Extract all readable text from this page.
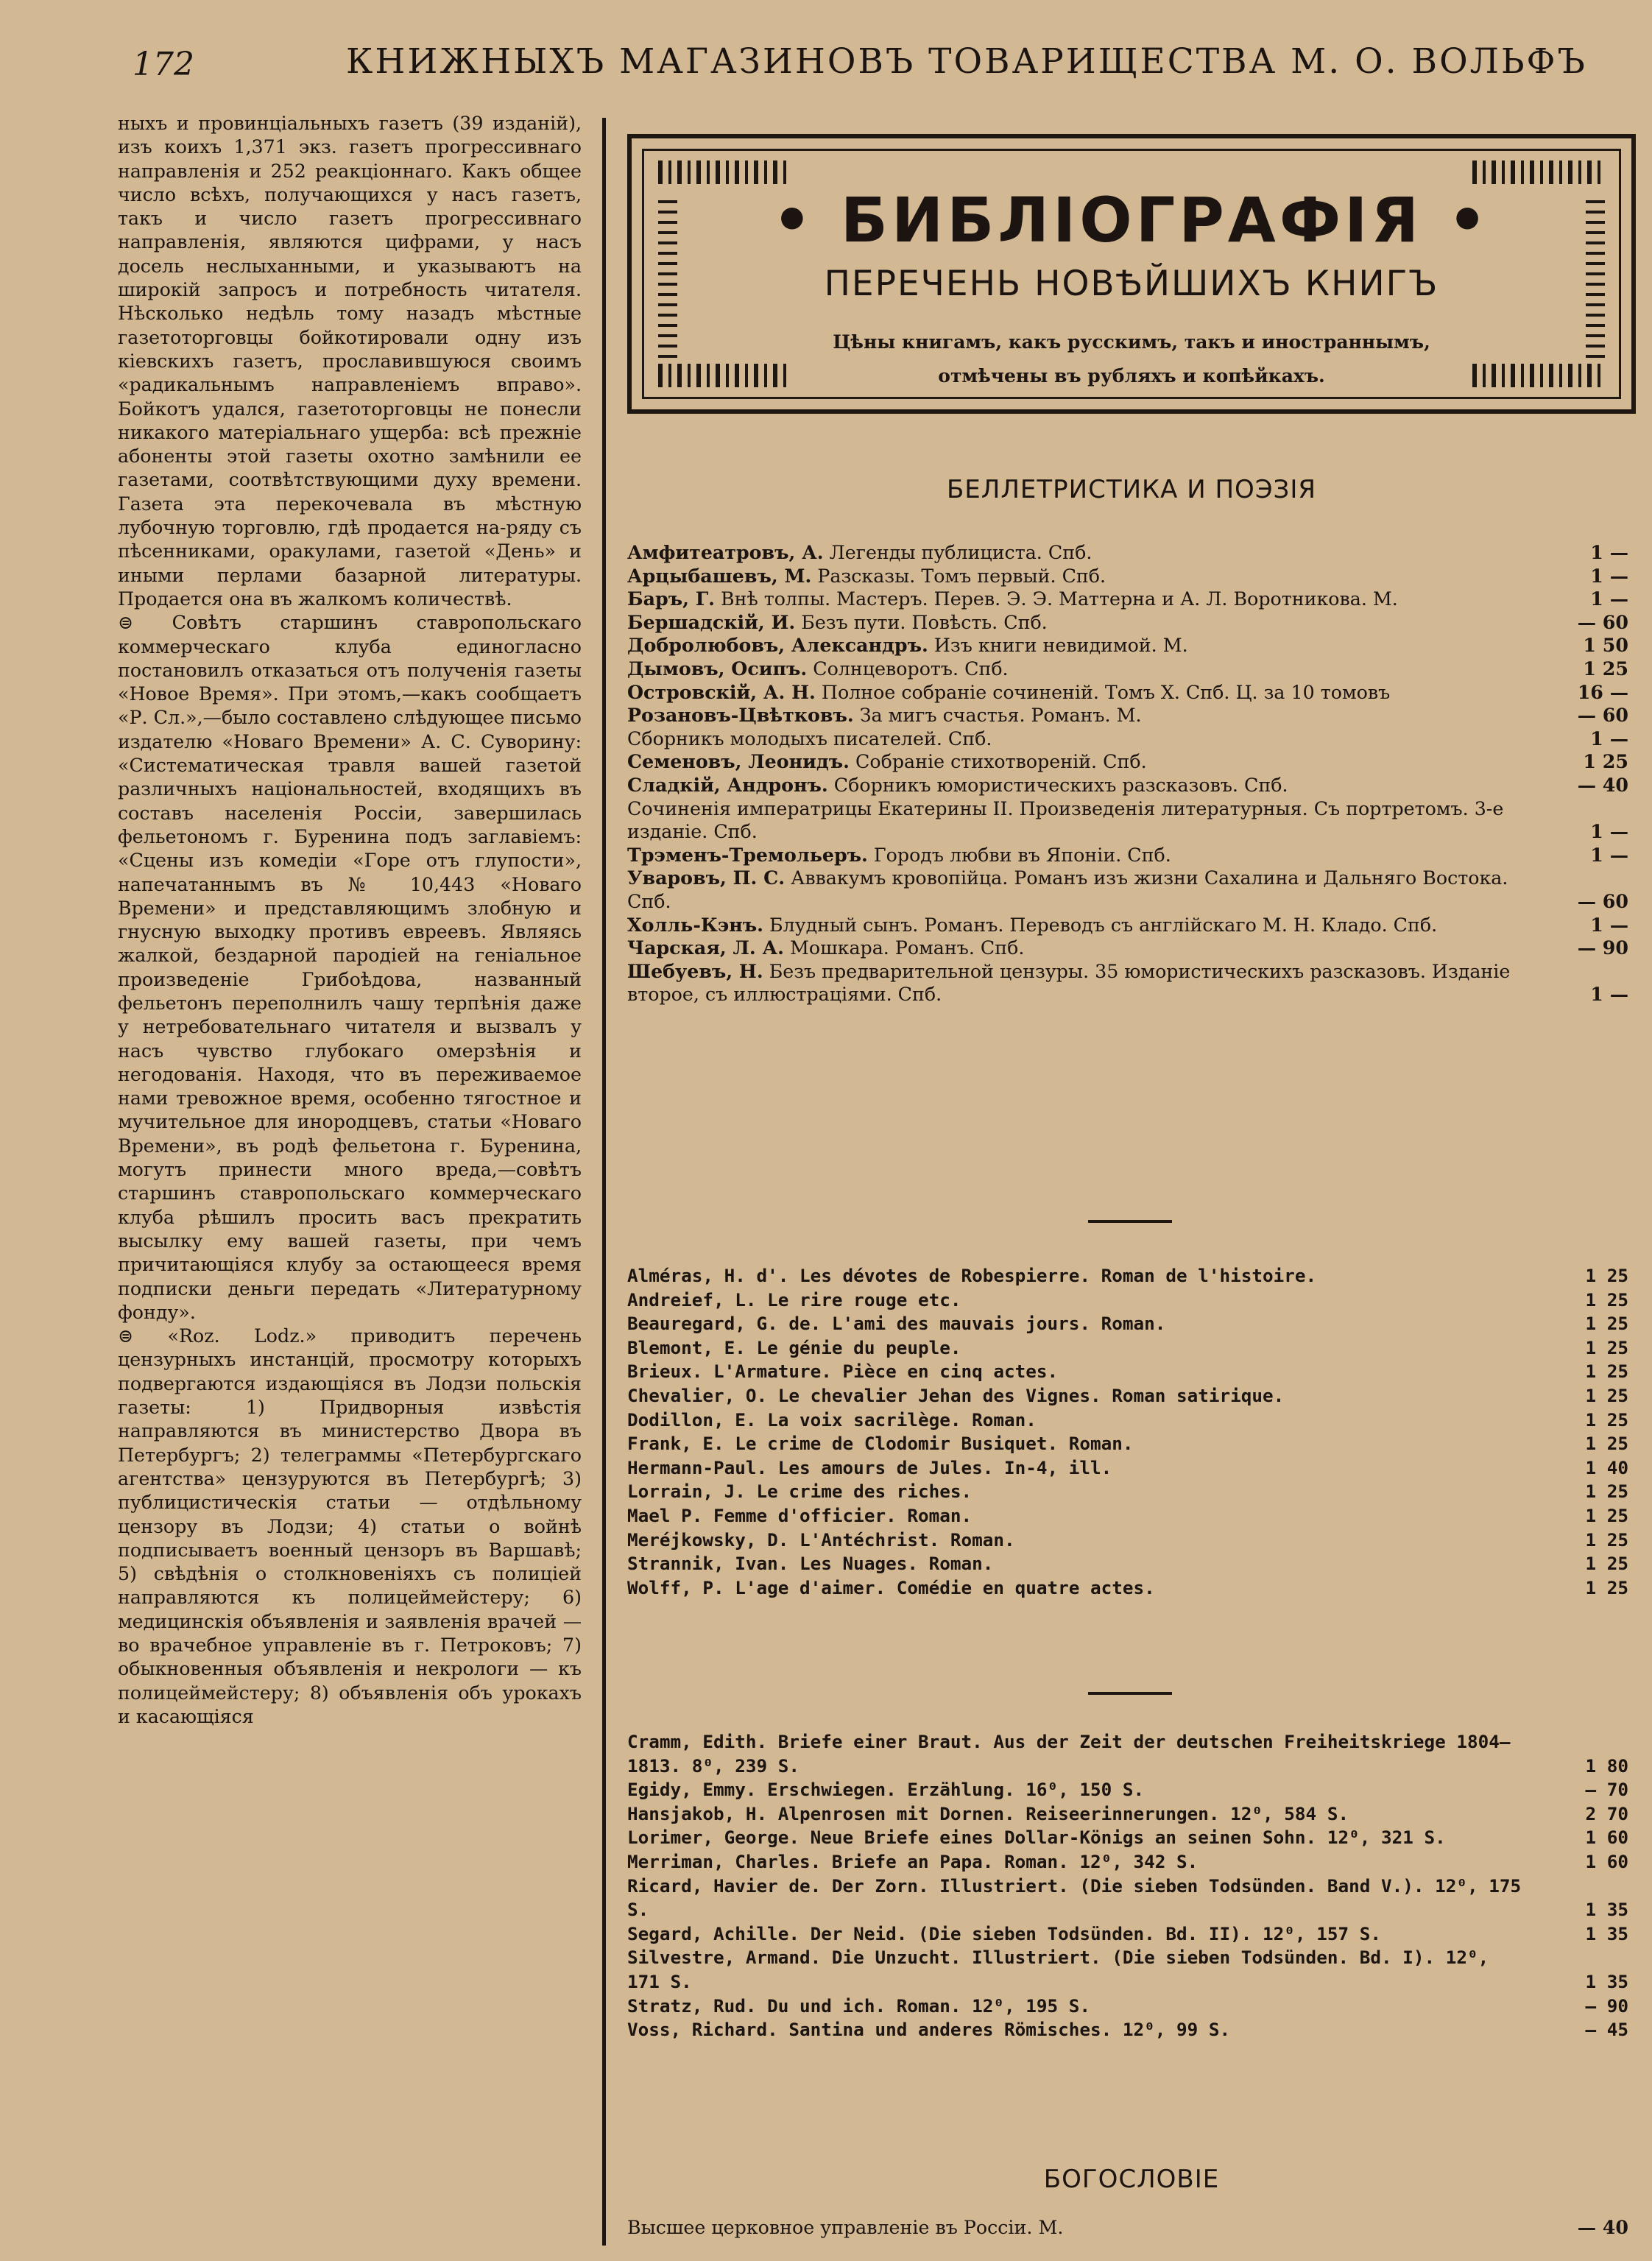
172	КНИЖНЫХЪ МАГАЗИНОВЪ ТОВАРИЩЕСТВА М. О. ВОЛЬФЪ

ныхъ и провинціальныхъ газетъ (39 изданій), изъ коихъ 1,371 экз. газетъ прогрессивнаго направленія и 252 реакціоннаго. Какъ общее число всѣхъ, получающихся у насъ газетъ, такъ и число газетъ прогрессивнаго направленія, являются цифрами, у насъ досель неслыханными, и указываютъ на широкій запросъ и потребность читателя. Нѣсколько недѣль тому назадъ мѣстные газетоторговцы бойкотировали одну изъ кіевскихъ газетъ, прославившуюся своимъ «радикальнымъ направленіемъ вправо». Бойкотъ удался, газетоторговцы не понесли никакого матеріальнаго ущерба: всѣ прежніе абоненты этой газеты охотно замѣнили ее газетами, соотвѣтствующими духу времени. Газета эта перекочевала въ мѣстную лубочную торговлю, гдѣ продается на-ряду съ пѣсенниками, оракулами, газетой «День» и иными перлами базарной литературы. Продается она въ жалкомъ количествѣ.

⊜ Совѣтъ старшинъ ставропольскаго коммерческаго клуба единогласно постановилъ отказаться отъ полученія газеты «Новое Время». При этомъ,—какъ сообщаетъ «Р. Сл.»,—было составлено слѣдующее письмо издателю «Новаго Времени» А. С. Суворину: «Систематическая травля вашей газетой различныхъ національностей, входящихъ въ составъ населенія Россіи, завершилась фельетономъ г. Буренина подъ заглавіемъ: «Сцены изъ комедіи «Горе отъ глупости», напечатаннымъ въ № 10,443 «Новаго Времени» и представляющимъ злобную и гнусную выходку противъ евреевъ. Являясь жалкой, бездарной пародіей на геніальное произведеніе Грибоѣдова, названный фельетонъ переполнилъ чашу терпѣнія даже у нетребовательнаго читателя и вызвалъ у насъ чувство глубокаго омерзѣнія и негодованія. Находя, что въ переживаемое нами тревожное время, особенно тягостное и мучительное для инородцевъ, статьи «Новаго Времени», въ родѣ фельетона г. Буренина, могутъ принести много вреда,—совѣтъ старшинъ ставропольскаго коммерческаго клуба рѣшилъ просить васъ прекратить высылку ему вашей газеты, при чемъ причитающіяся клубу за остающееся время подписки деньги передать «Литературному фонду».

⊜ «Roz. Lodz.» приводитъ перечень цензурныхъ инстанцій, просмотру которыхъ подвергаются издающіяся въ Лодзи польскія газеты: 1) Придворныя извѣстія направляются въ министерство Двора въ Петербургъ; 2) телеграммы «Петербургскаго агентства» цензуруются въ Петербургѣ; 3) публицистическія статьи — отдѣльному цензору въ Лодзи; 4) статьи о войнѣ подписываетъ военный цензоръ въ Варшавѣ; 5) свѣдѣнія о столкновеніяхъ съ полиціей направляются къ полицеймейстеру; 6) медицинскія объявленія и заявленія врачей — во врачебное управленіе въ г. Петроковъ; 7) обыкновенныя объявленія и некрологи — къ полицеймейстеру; 8) объявленія объ урокахъ и касающіяся

• БИБЛІОГРАФІЯ •
ПЕРЕЧЕНЬ НОВѢЙШИХЪ КНИГЪ
Цѣны книгамъ, какъ русскимъ, такъ и иностраннымъ,
отмѣчены въ рубляхъ и копѣйкахъ.
БЕЛЛЕТРИСТИКА И ПОЭЗІЯ
Амфитеатровъ, А. Легенды публициста. Спб.	1 —
Арцыбашевъ, М. Разсказы. Томъ первый. Спб.	1 —
Баръ, Г. Внѣ толпы. Мастеръ. Перев. Э. Э. Маттерна и А. Л. Воротникова. М.	1 —
Бершадскій, И. Безъ пути. Повѣсть. Спб.	— 60
Добролюбовъ, Александръ. Изъ книги невидимой. М.	1 50
Дымовъ, Осипъ. Солнцеворотъ. Спб.	1 25
Островскій, А. Н. Полное собраніе сочиненій. Томъ X. Спб. Ц. за 10 томовъ	16 —
Розановъ-Цвѣтковъ. За мигъ счастья. Романъ. М.	— 60
Сборникъ молодыхъ писателей. Спб.	1 —
Семеновъ, Леонидъ. Собраніе стихотвореній. Спб.	1 25
Сладкій, Андронъ. Сборникъ юмористическихъ разсказовъ. Спб.	— 40
Сочиненія императрицы Екатерины II. Произведенія литературныя. Съ портретомъ. 3-е изданіе. Спб.	1 —
Трэменъ-Тремольеръ. Городъ любви въ Японіи. Спб.	1 —
Уваровъ, П. С. Аввакумъ кровопійца. Романъ изъ жизни Сахалина и Дальняго Востока. Спб.	— 60
Холль-Кэнъ. Блудный сынъ. Романъ. Переводъ съ англійскаго М. Н. Кладо. Спб.	1 —
Чарская, Л. А. Мошкара. Романъ. Спб.	— 90
Шебуевъ, Н. Безъ предварительной цензуры. 35 юмористическихъ разсказовъ. Изданіе второе, съ иллюстраціями. Спб.	1 —
Alméras, H. d'. Les dévotes de Robespierre. Roman de l'histoire.	1 25
Andreief, L. Le rire rouge etc.	1 25
Beauregard, G. de. L'ami des mauvais jours. Roman.	1 25
Blemont, E. Le génie du peuple.	1 25
Brieux. L'Armature. Pièce en cinq actes.	1 25
Chevalier, O. Le chevalier Jehan des Vignes. Roman satirique.	1 25
Dodillon, E. La voix sacrilège. Roman.	1 25
Frank, E. Le crime de Clodomir Busiquet. Roman.	1 25
Hermann-Paul. Les amours de Jules. In-4, ill.	1 40
Lorrain, J. Le crime des riches.	1 25
Mael P. Femme d'officier. Roman.	1 25
Meréjkowsky, D. L'Antéchrist. Roman.	1 25
Strannik, Ivan. Les Nuages. Roman.	1 25
Wolff, P. L'age d'aimer. Comédie en quatre actes.	1 25
Cramm, Edith. Briefe einer Braut. Aus der Zeit der deutschen Freiheitskriege 1804—1813. 8⁰, 239 S.	1 80
Egidy, Emmy. Erschwiegen. Erzählung. 16⁰, 150 S.	— 70
Hansjakob, H. Alpenrosen mit Dornen. Reiseerinnerungen. 12⁰, 584 S.	2 70
Lorimer, George. Neue Briefe eines Dollar-Königs an seinen Sohn. 12⁰, 321 S.	1 60
Merriman, Charles. Briefe an Papa. Roman. 12⁰, 342 S.	1 60
Ricard, Havier de. Der Zorn. Illustriert. (Die sieben Todsünden. Band V.). 12⁰, 175 S.	1 35
Segard, Achille. Der Neid. (Die sieben Todsünden. Bd. II). 12⁰, 157 S.	1 35
Silvestre, Armand. Die Unzucht. Illustriert. (Die sieben Todsünden. Bd. I). 12⁰, 171 S.	1 35
Stratz, Rud. Du und ich. Roman. 12⁰, 195 S.	— 90
Voss, Richard. Santina und anderes Römisches. 12⁰, 99 S.	— 45
БОГОСЛОВІЕ
Высшее церковное управленіе въ Россіи. М.	— 40
